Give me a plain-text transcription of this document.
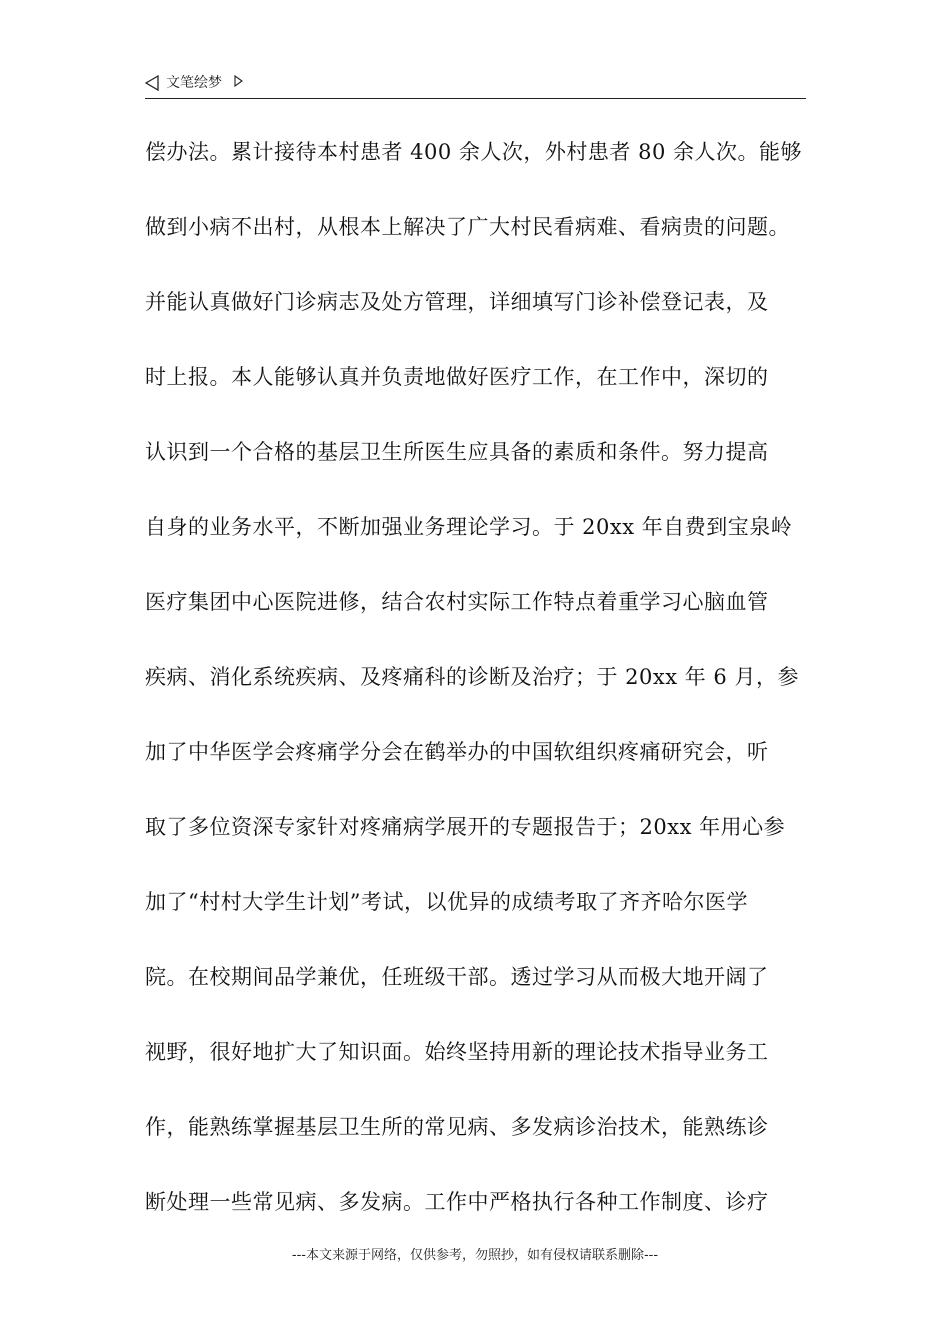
文笔绘梦
偿办法。累计接待本村患者 400 余人次，外村患者 80 余人次。能够
做到小病不出村，从根本上解决了广大村民看病难、看病贵的问题。
并能认真做好门诊病志及处方管理，详细填写门诊补偿登记表，及
时上报。本人能够认真并负责地做好医疗工作，在工作中，深切的
认识到一个合格的基层卫生所医生应具备的素质和条件。努力提高
自身的业务水平，不断加强业务理论学习。于 20xx 年自费到宝泉岭
医疗集团中心医院进修，结合农村实际工作特点着重学习心脑血管
疾病、消化系统疾病、及疼痛科的诊断及治疗；于 20xx 年 6 月，参
加了中华医学会疼痛学分会在鹤举办的中国软组织疼痛研究会，听
取了多位资深专家针对疼痛病学展开的专题报告于；20xx 年用心参
加了“村村大学生计划”考试，以优异的成绩考取了齐齐哈尔医学
院。在校期间品学兼优，任班级干部。透过学习从而极大地开阔了
视野，很好地扩大了知识面。始终坚持用新的理论技术指导业务工
作，能熟练掌握基层卫生所的常见病、多发病诊治技术，能熟练诊
断处理一些常见病、多发病。工作中严格执行各种工作制度、诊疗
---本文来源于网络，仅供参考，勿照抄，如有侵权请联系删除---
